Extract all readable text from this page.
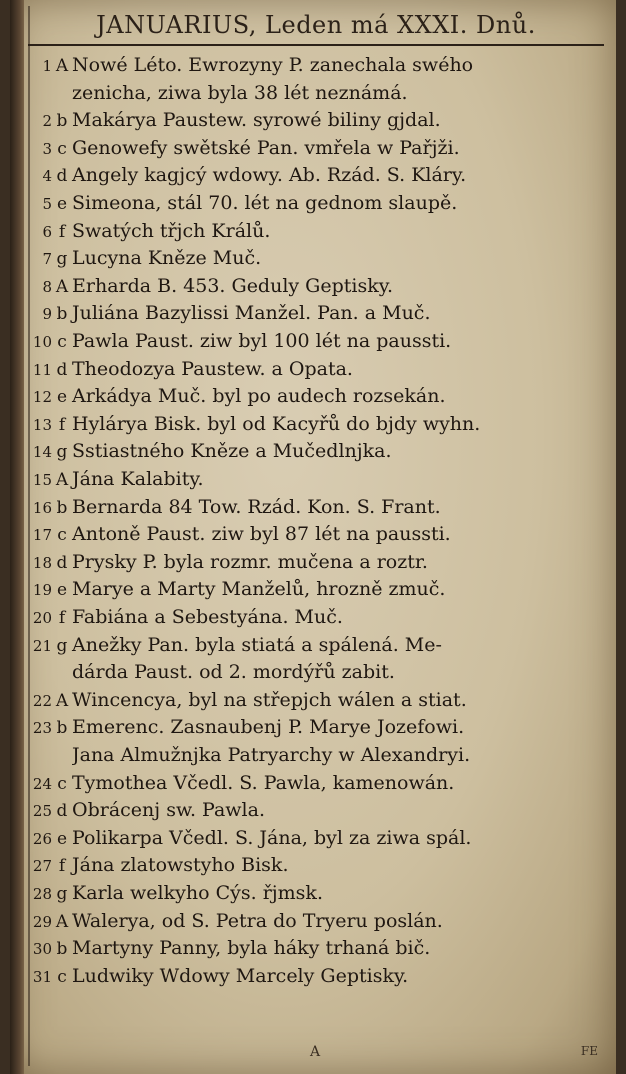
JANUARIUS, Leden má XXXI. Dnů.
1 A Nowé Léto. Ewrozyny P. zanechala swého
zenicha, ziwa byla 38 lét neznámá.
2 b Makárya Paustew. syrowé biliny gjdal.
3 c Genowefy swětské Pan. vmřela w Pařjži.
4 d Angely kagjcý wdowy. Ab. Rzád. S. Kláry.
5 e Simeona, stál 70. lét na gednom slaupě.
6 f Swatých třjch Králů.
7 g Lucyna Kněze Muč.
8 A Erharda B. 453. Geduly Geptisky.
9 b Juliána Bazylissi Manžel. Pan. a Muč.
10 c Pawla Paust. ziw byl 100 lét na paussti.
11 d Theodozya Paustew. a Opata.
12 e Arkádya Muč. byl po audech rozsekán.
13 f Hylárya Bisk. byl od Kacyřů do bjdy wyhn.
14 g Sstiastného Kněze a Mučedlnjka.
15 A Jána Kalabity.
16 b Bernarda 84 Tow. Rzád. Kon. S. Frant.
17 c Antoně Paust. ziw byl 87 lét na paussti.
18 d Prysky P. byla rozmr. mučena a roztr.
19 e Marye a Marty Manželů, hrozně zmuč.
20 f Fabiána a Sebestyána. Muč.
21 g Anežky Pan. byla stiatá a spálená. Me-
dárda Paust. od 2. mordýřů zabit.
22 A Wincencya, byl na střepjch wálen a stiat.
23 b Emerenc. Zasnaubenj P. Marye Jozefowi.
Jana Almužnjka Patryarchy w Alexandryi.
24 c Tymothea Včedl. S. Pawla, kamenowán.
25 d Obrácenj sw. Pawla.
26 e Polikarpa Včedl. S. Jána, byl za ziwa spál.
27 f Jána zlatowstyho Bisk.
28 g Karla welkyho Cýs. řjmsk.
29 A Walerya, od S. Petra do Tryeru poslán.
30 b Martyny Panny, byla háky trhaná bič.
31 c Ludwiky Wdowy Marcely Geptisky.
A	FE
